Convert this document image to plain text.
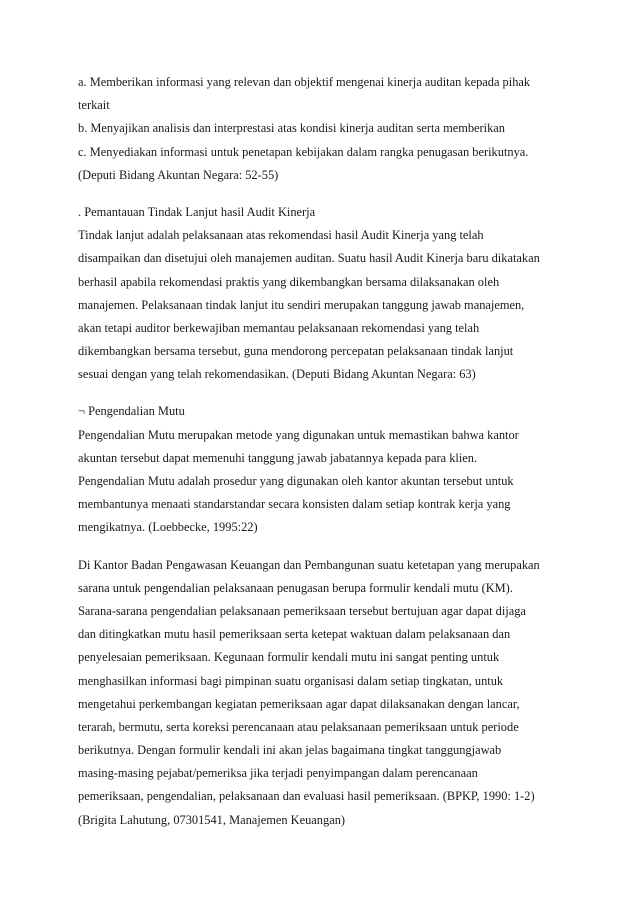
a. Memberikan informasi yang relevan dan objektif mengenai kinerja auditan kepada pihak
terkait
b. Menyajikan analisis dan interprestasi atas kondisi kinerja auditan serta memberikan
c. Menyediakan informasi untuk penetapan kebijakan dalam rangka penugasan berikutnya.
(Deputi Bidang Akuntan Negara: 52-55)
. Pemantauan Tindak Lanjut hasil Audit Kinerja
Tindak lanjut adalah pelaksanaan atas rekomendasi hasil Audit Kinerja yang telah
disampaikan dan disetujui oleh manajemen auditan. Suatu hasil Audit Kinerja baru dikatakan
berhasil apabila rekomendasi praktis yang dikembangkan bersama dilaksanakan oleh
manajemen. Pelaksanaan tindak lanjut itu sendiri merupakan tanggung jawab manajemen,
akan tetapi auditor berkewajiban memantau pelaksanaan rekomendasi yang telah
dikembangkan bersama tersebut, guna mendorong percepatan pelaksanaan tindak lanjut
sesuai dengan yang telah rekomendasikan. (Deputi Bidang Akuntan Negara: 63)
¬ Pengendalian Mutu
Pengendalian Mutu merupakan metode yang digunakan untuk memastikan bahwa kantor
akuntan tersebut dapat memenuhi tanggung jawab jabatannya kepada para klien.
Pengendalian Mutu adalah prosedur yang digunakan oleh kantor akuntan tersebut untuk
membantunya menaati standarstandar secara konsisten dalam setiap kontrak kerja yang
mengikatnya. (Loebbecke, 1995:22)
Di Kantor Badan Pengawasan Keuangan dan Pembangunan suatu ketetapan yang merupakan
sarana untuk pengendalian pelaksanaan penugasan berupa formulir kendali mutu (KM).
Sarana-sarana pengendalian pelaksanaan pemeriksaan tersebut bertujuan agar dapat dijaga
dan ditingkatkan mutu hasil pemeriksaan serta ketepat waktuan dalam pelaksanaan dan
penyelesaian pemeriksaan. Kegunaan formulir kendali mutu ini sangat penting untuk
menghasilkan informasi bagi pimpinan suatu organisasi dalam setiap tingkatan, untuk
mengetahui perkembangan kegiatan pemeriksaan agar dapat dilaksanakan dengan lancar,
terarah, bermutu, serta koreksi perencanaan atau pelaksanaan pemeriksaan untuk periode
berikutnya. Dengan formulir kendali ini akan jelas bagaimana tingkat tanggungjawab
masing-masing pejabat/pemeriksa jika terjadi penyimpangan dalam perencanaan
pemeriksaan, pengendalian, pelaksanaan dan evaluasi hasil pemeriksaan. (BPKP, 1990: 1-2)
(Brigita Lahutung, 07301541, Manajemen Keuangan)
